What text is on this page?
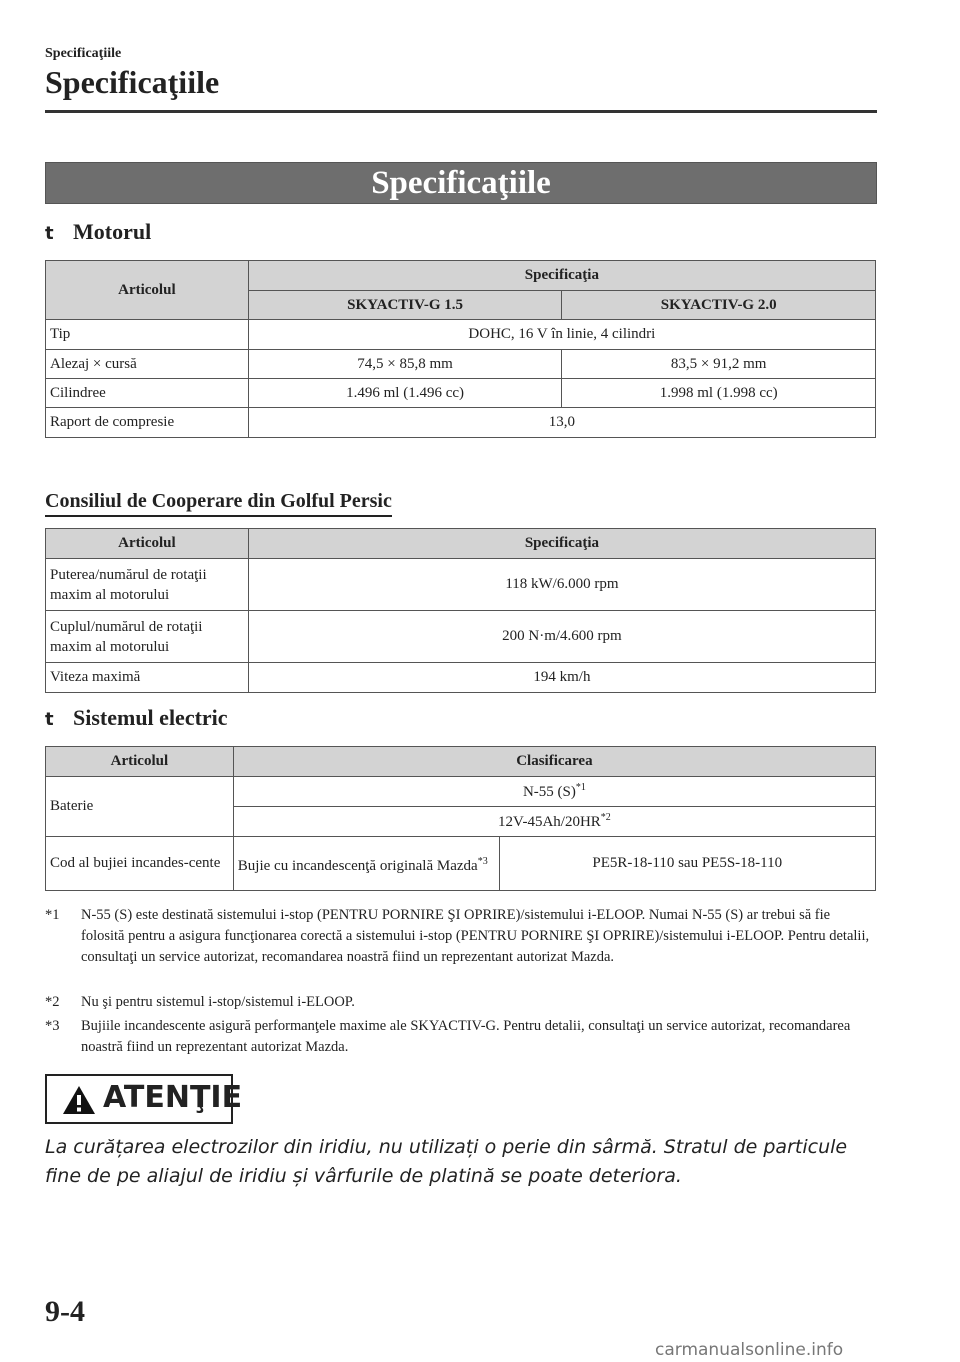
Specificaţiile
Specificaţiile
Specificaţiile
t Motorul
Articolul	Specificaţia	
	SKYACTIV-G 1.5	SKYACTIV-G 2.0
Tip	DOHC, 16 V în linie, 4 cilindri	
Alezaj × cursă	74,5 × 85,8 mm	83,5 × 91,2 mm
Cilindree	1.496 ml (1.496 cc)	1.998 ml (1.998 cc)
Raport de compresie	13,0	
Consiliul de Cooperare din Golful Persic
Articolul	Specificaţia
Puterea/numărul de rotaţii maxim al motorului	118 kW/6.000 rpm
Cuplul/numărul de rotaţii maxim al motorului	200 N·m/4.600 rpm
Viteza maximă	194 km/h
t Sistemul electric
Articolul	Clasificarea	
Baterie	N-55 $(S)^{*1}$
	12V-45Ah/20HR$^{*2}$
Cod al bujiei incandes-cente	Bujie cu incandescenţă originală Mazda$^{*3}$	PE5R-18-110 sau PE5S-18-110
*1 N-55 (S) este destinată sistemului i-stop (PENTRU PORNIRE ŞI OPRIRE)/sistemului i-ELOOP. Numai N-55 (S) ar trebui să fie folosită pentru a asigura funcţionarea corectă a sistemului i-stop (PENTRU PORNIRE ŞI OPRIRE)/sistemului i-ELOOP. Pentru detalii, consultaţi un service autorizat, recomandarea noastră fiind un reprezentant autorizat Mazda.
*2 Nu şi pentru sistemul i-stop/sistemul i-ELOOP.
*3 Bujiile incandescente asigură performanţele maxime ale SKYACTIV-G. Pentru detalii, consultaţi un service autorizat, recomandarea noastră fiind un reprezentant autorizat Mazda.
ATENŢIE
La curățarea electrozilor din iridiu, nu utilizați o perie din sârmă. Stratul de particule fine de pe aliajul de iridiu și vârfurile de platină se poate deteriora.
9-4
carmanualsonline.info
